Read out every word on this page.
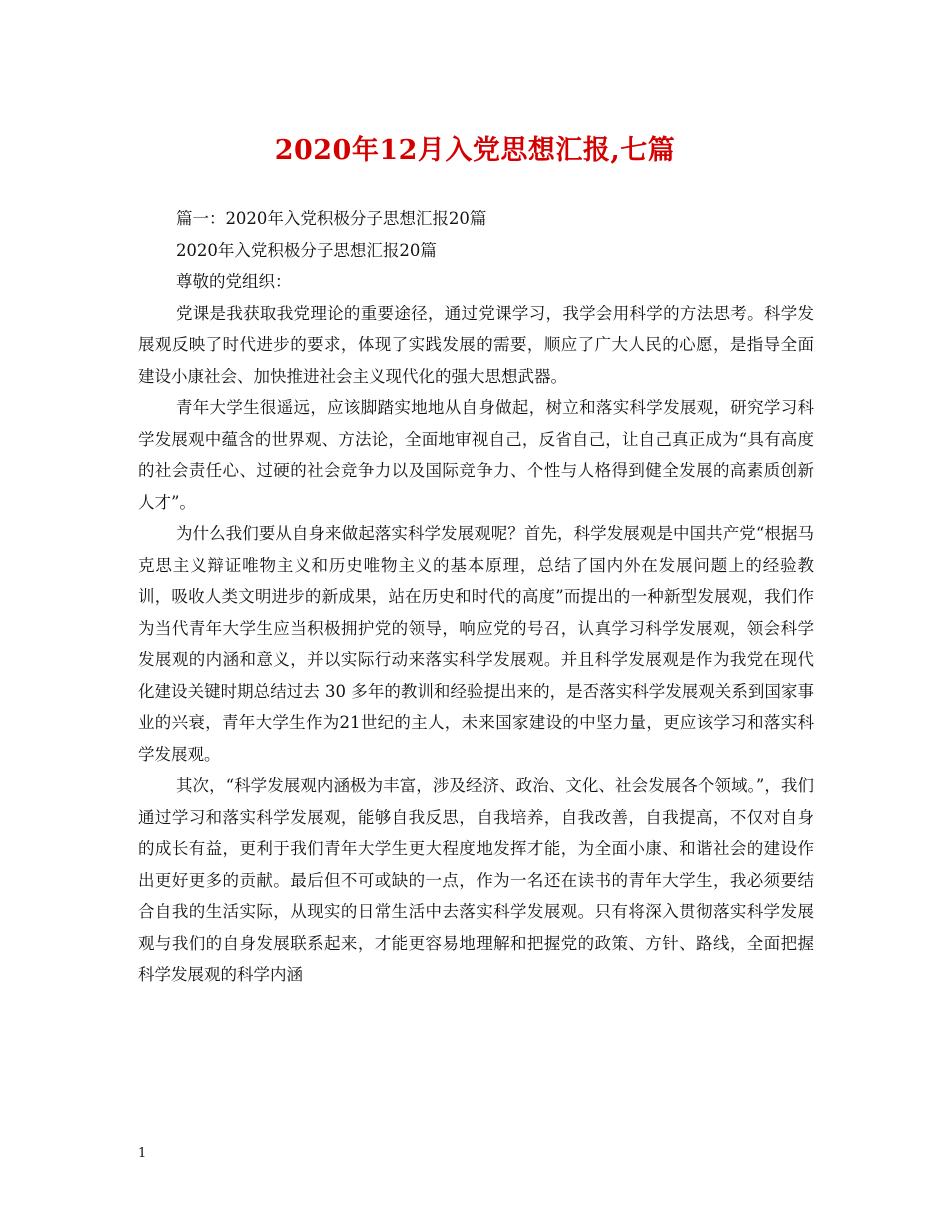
2020年12月入党思想汇报,七篇

篇一：2020年入党积极分子思想汇报20篇

2020年入党积极分子思想汇报20篇

尊敬的党组织：

党课是我获取我党理论的重要途径，通过党课学习，我学会用科学的方法思考。科学发展观反映了时代进步的要求，体现了实践发展的需要，顺应了广大人民的心愿，是指导全面建设小康社会、加快推进社会主义现代化的强大思想武器。

青年大学生很遥远，应该脚踏实地地从自身做起，树立和落实科学发展观，研究学习科学发展观中蕴含的世界观、方法论，全面地审视自己，反省自己，让自己真正成为“具有高度的社会责任心、过硬的社会竞争力以及国际竞争力、个性与人格得到健全发展的高素质创新人才”。

为什么我们要从自身来做起落实科学发展观呢？首先，科学发展观是中国共产党“根据马克思主义辩证唯物主义和历史唯物主义的基本原理，总结了国内外在发展问题上的经验教训，吸收人类文明进步的新成果，站在历史和时代的高度”而提出的一种新型发展观，我们作为当代青年大学生应当积极拥护党的领导，响应党的号召，认真学习科学发展观，领会科学发展观的内涵和意义，并以实际行动来落实科学发展观。并且科学发展观是作为我党在现代化建设关键时期总结过去 30 多年的教训和经验提出来的，是否落实科学发展观关系到国家事业的兴衰，青年大学生作为21世纪的主人，未来国家建设的中坚力量，更应该学习和落实科学发展观。

其次，“科学发展观内涵极为丰富，涉及经济、政治、文化、社会发展各个领域。”，我们通过学习和落实科学发展观，能够自我反思，自我培养，自我改善，自我提高，不仅对自身的成长有益，更利于我们青年大学生更大程度地发挥才能，为全面小康、和谐社会的建设作出更好更多的贡献。最后但不可或缺的一点，作为一名还在读书的青年大学生，我必须要结合自我的生活实际，从现实的日常生活中去落实科学发展观。只有将深入贯彻落实科学发展观与我们的自身发展联系起来，才能更容易地理解和把握党的政策、方针、路线，全面把握科学发展观的科学内涵

1
